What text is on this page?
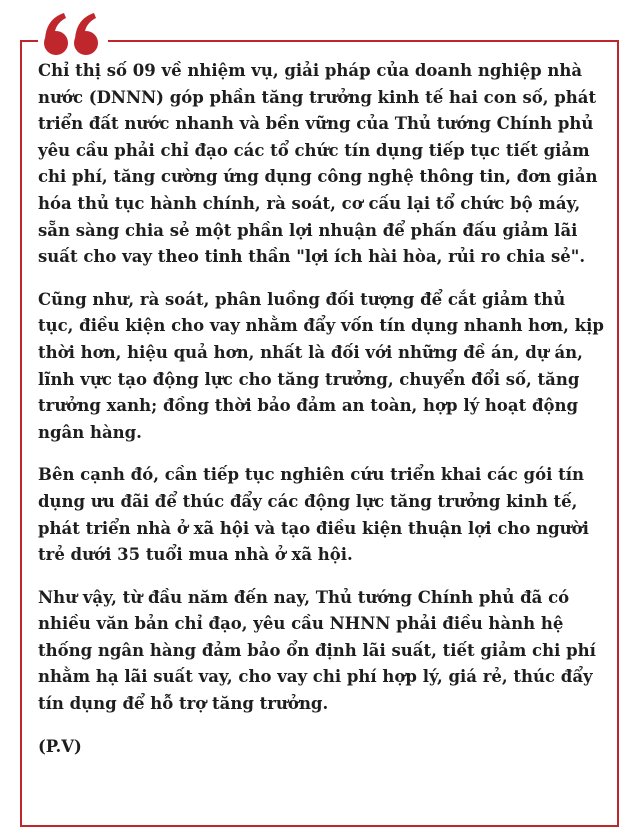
Chỉ thị số 09 về nhiệm vụ, giải pháp của doanh nghiệp nhà nước (DNNN) góp phần tăng trưởng kinh tế hai con số, phát triển đất nước nhanh và bền vững của Thủ tướng Chính phủ yêu cầu phải chỉ đạo các tổ chức tín dụng tiếp tục tiết giảm chi phí, tăng cường ứng dụng công nghệ thông tin, đơn giản hóa thủ tục hành chính, rà soát, cơ cấu lại tổ chức bộ máy, sẵn sàng chia sẻ một phần lợi nhuận để phấn đấu giảm lãi suất cho vay theo tinh thần "lợi ích hài hòa, rủi ro chia sẻ".

Cũng như, rà soát, phân luồng đối tượng để cắt giảm thủ tục, điều kiện cho vay nhằm đẩy vốn tín dụng nhanh hơn, kịp thời hơn, hiệu quả hơn, nhất là đối với những đề án, dự án, lĩnh vực tạo động lực cho tăng trưởng, chuyển đổi số, tăng trưởng xanh; đồng thời bảo đảm an toàn, hợp lý hoạt động ngân hàng.

Bên cạnh đó, cần tiếp tục nghiên cứu triển khai các gói tín dụng ưu đãi để thúc đẩy các động lực tăng trưởng kinh tế, phát triển nhà ở xã hội và tạo điều kiện thuận lợi cho người trẻ dưới 35 tuổi mua nhà ở xã hội.

Như vậy, từ đầu năm đến nay, Thủ tướng Chính phủ đã có nhiều văn bản chỉ đạo, yêu cầu NHNN phải điều hành hệ thống ngân hàng đảm bảo ổn định lãi suất, tiết giảm chi phí nhằm hạ lãi suất vay, cho vay chi phí hợp lý, giá rẻ, thúc đẩy tín dụng để hỗ trợ tăng trưởng.

(P.V)
